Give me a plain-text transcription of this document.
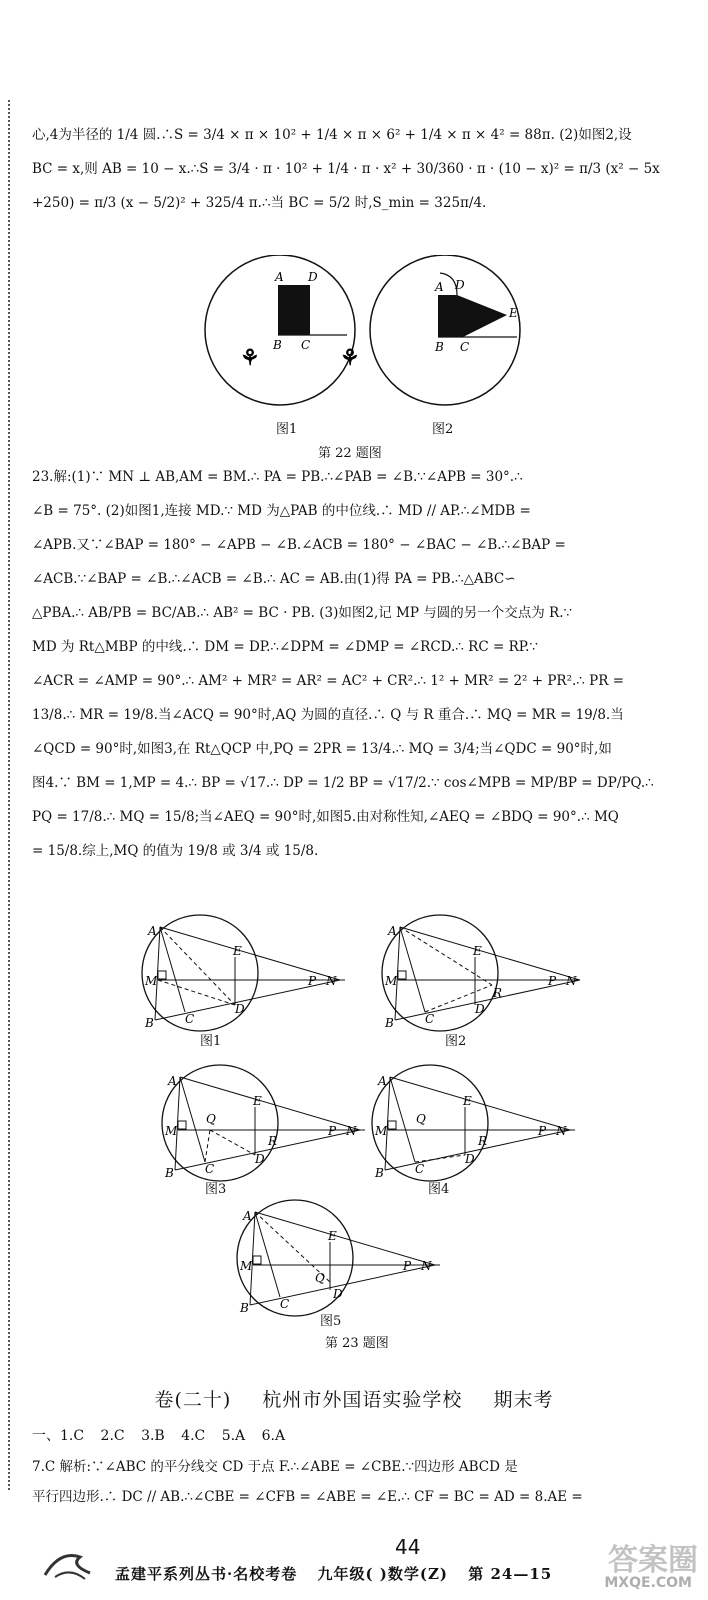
心,4为半径的 1/4 圆.∴S = 3/4 × π × 10² + 1/4 × π × 6² + 1/4 × π × 4² = 88π. (2)如图2,设
BC = x,则 AB = 10 − x.∴S = 3/4 · π · 10² + 1/4 · π · x² + 30/360 · π · (10 − x)² = π/3 (x² − 5x
+250) = π/3 (x − 5/2)² + 325/4 π.∴当 BC = 5/2 时,S_min = 325π/4.
A D
B C
⚘	⚘
A D
B C
E
图1	图2
第 22 题图
23.解:(1)∵ MN ⊥ AB,AM = BM.∴ PA = PB.∴∠PAB = ∠B.∵∠APB = 30°.∴
∠B = 75°. (2)如图1,连接 MD.∵ MD 为△PAB 的中位线.∴ MD // AP.∴∠MDB =
∠APB.又∵∠BAP = 180° − ∠APB − ∠B.∠ACB = 180° − ∠BAC − ∠B.∴∠BAP =
∠ACB.∵∠BAP = ∠B.∴∠ACB = ∠B.∴ AC = AB.由(1)得 PA = PB.∴△ABC∽
△PBA.∴ AB/PB = BC/AB.∴ AB² = BC · PB. (3)如图2,记 MP 与圆的另一个交点为 R.∵
MD 为 Rt△MBP 的中线.∴ DM = DP.∴∠DPM = ∠DMP = ∠RCD.∴ RC = RP.∵
∠ACR = ∠AMP = 90°.∴ AM² + MR² = AR² = AC² + CR².∴ 1² + MR² = 2² + PR².∴ PR =
13/8.∴ MR = 19/8.当∠ACQ = 90°时,AQ 为圆的直径.∴ Q 与 R 重合.∴ MQ = MR = 19/8.当
∠QCD = 90°时,如图3,在 Rt△QCP 中,PQ = 2PR = 13/4.∴ MQ = 3/4;当∠QDC = 90°时,如
图4.∵ BM = 1,MP = 4.∴ BP = √17.∴ DP = 1/2 BP = √17/2.∵ cos∠MPB = MP/BP = DP/PQ.∴
PQ = 17/8.∴ MQ = 15/8;当∠AEQ = 90°时,如图5.由对称性知,∠AEQ = ∠BDQ = 90°.∴ MQ
= 15/8.综上,MQ 的值为 19/8 或 3/4 或 15/8.
A
M
B	C
D
E
P N
A
M
B	C
D
E
R
P N
A
M
B	C
D
E
Q
R
P N
A
M
B	C
D
E
Q
R
P N
A
M
B	C
D
E
Q
P N
图1	图2
图3	图4
图5
第 23 题图
卷(二十) 杭州市外国语实验学校 期末考
一、1.C 2.C 3.B 4.C 5.A 6.A
7.C 解析:∵∠ABC 的平分线交 CD 于点 F.∴∠ABE = ∠CBE.∵四边形 ABCD 是
平行四边形.∴ DC // AB.∴∠CBE = ∠CFB = ∠ABE = ∠E.∴ CF = BC = AD = 8.AE =
44
孟建平系列丛书·名校考卷 九年级( )数学(Z) 第 24—15	答案圈
MXQE.COM
